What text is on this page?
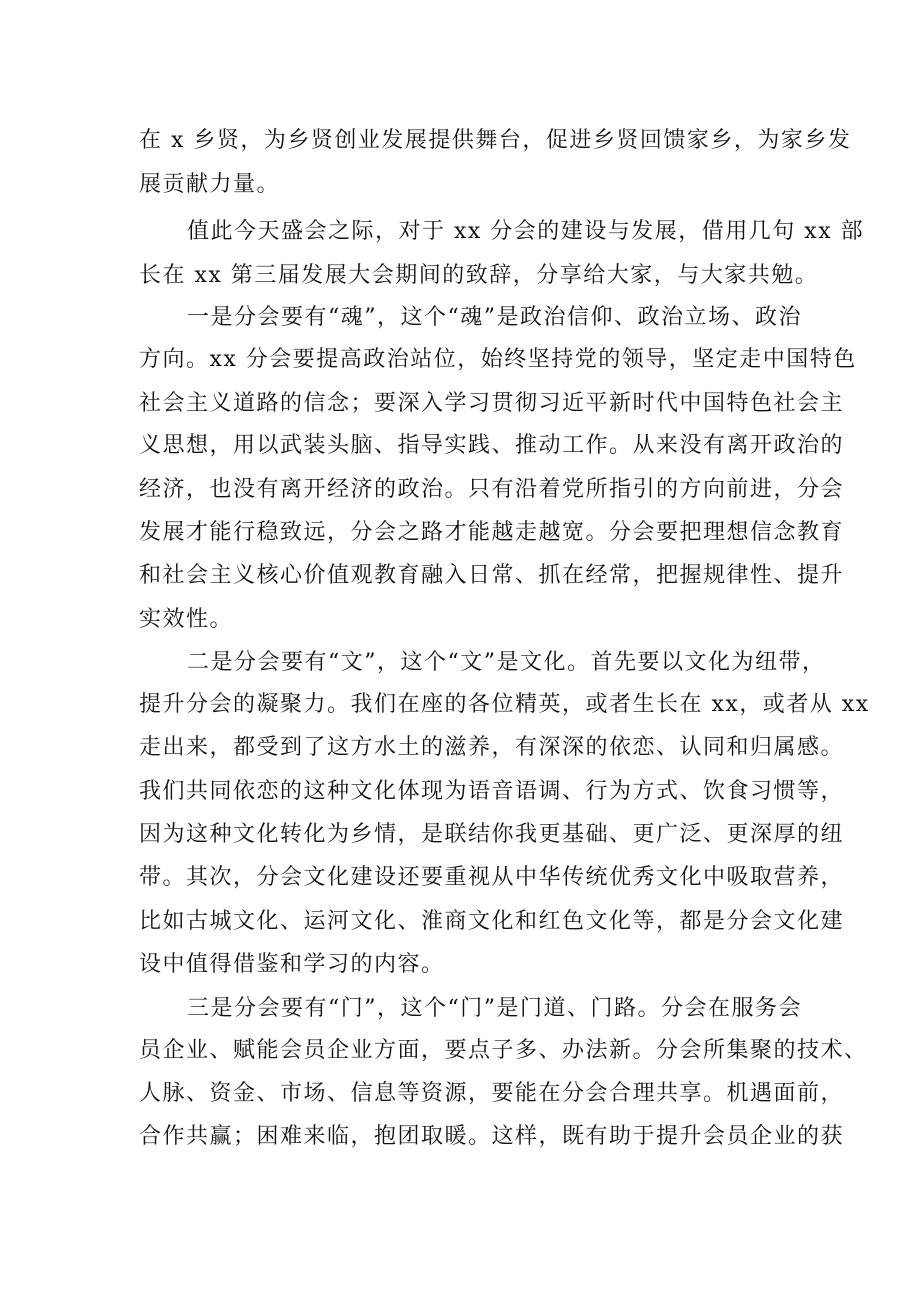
在 x 乡贤，为乡贤创业发展提供舞台，促进乡贤回馈家乡，为家乡发
展贡献力量。
值此今天盛会之际，对于 xx 分会的建设与发展，借用几句 xx 部
长在 xx 第三届发展大会期间的致辞，分享给大家，与大家共勉。
一是分会要有“魂”，这个“魂”是政治信仰、政治立场、政治
方向。xx 分会要提高政治站位，始终坚持党的领导，坚定走中国特色
社会主义道路的信念；要深入学习贯彻习近平新时代中国特色社会主
义思想，用以武装头脑、指导实践、推动工作。从来没有离开政治的
经济，也没有离开经济的政治。只有沿着党所指引的方向前进，分会
发展才能行稳致远，分会之路才能越走越宽。分会要把理想信念教育
和社会主义核心价值观教育融入日常、抓在经常，把握规律性、提升
实效性。
二是分会要有“文”，这个“文”是文化。首先要以文化为纽带，
提升分会的凝聚力。我们在座的各位精英，或者生长在 xx，或者从 xx
走出来，都受到了这方水土的滋养，有深深的依恋、认同和归属感。
我们共同依恋的这种文化体现为语音语调、行为方式、饮食习惯等，
因为这种文化转化为乡情，是联结你我更基础、更广泛、更深厚的纽
带。其次，分会文化建设还要重视从中华传统优秀文化中吸取营养，
比如古城文化、运河文化、淮商文化和红色文化等，都是分会文化建
设中值得借鉴和学习的内容。
三是分会要有“门”，这个“门”是门道、门路。分会在服务会
员企业、赋能会员企业方面，要点子多、办法新。分会所集聚的技术、
人脉、资金、市场、信息等资源，要能在分会合理共享。机遇面前，
合作共赢；困难来临，抱团取暖。这样，既有助于提升会员企业的获
